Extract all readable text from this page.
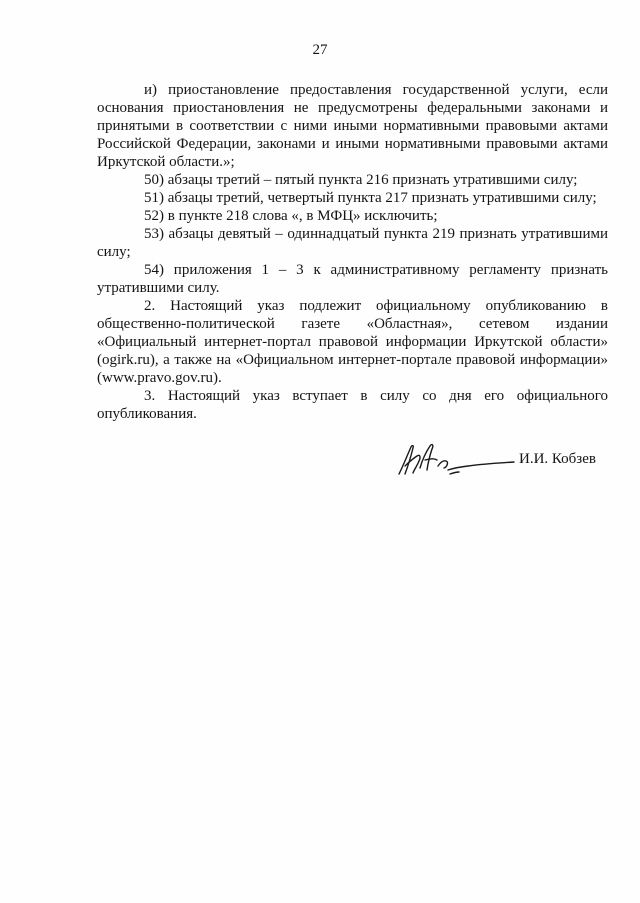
27

и) приостановление предоставления государственной услуги, если основания приостановления не предусмотрены федеральными законами и принятыми в соответствии с ними иными нормативными правовыми актами Российской Федерации, законами и иными нормативными правовыми актами Иркутской области.»;

50) абзацы третий – пятый пункта 216 признать утратившими силу;

51) абзацы третий, четвертый пункта 217 признать утратившими силу;

52) в пункте 218 слова «, в МФЦ» исключить;

53) абзацы девятый – одиннадцатый пункта 219 признать утратившими силу;

54) приложения 1 – 3 к административному регламенту признать утратившими силу.

2. Настоящий указ подлежит официальному опубликованию в общественно-политической газете «Областная», сетевом издании «Официальный интернет-портал правовой информации Иркутской области» (ogirk.ru), а также на «Официальном интернет-портале правовой информации» (www.pravo.gov.ru).

3. Настоящий указ вступает в силу со дня его официального опубликования.

И.И. Кобзев
